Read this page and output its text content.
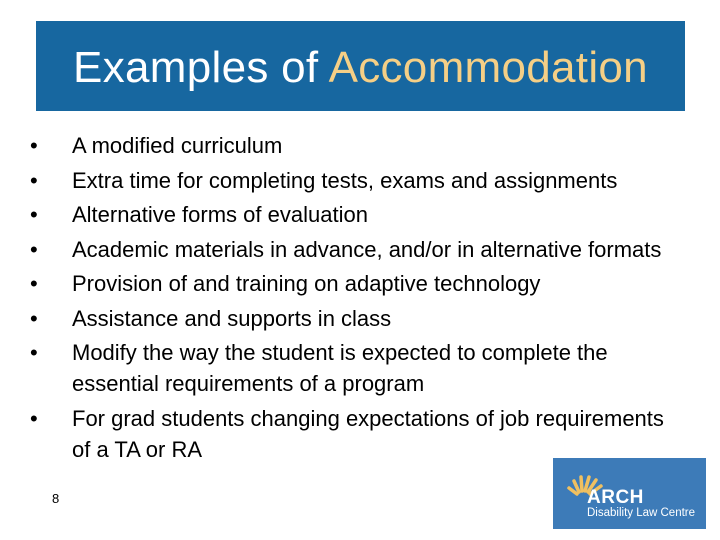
Examples of Accommodation
•	A modified curriculum
•	Extra time for completing tests, exams and assignments
•	Alternative forms of evaluation
•	Academic materials in advance, and/or in alternative formats
•	Provision of and training on adaptive technology
•	Assistance and supports in class
•	Modify the way the student is expected to complete the essential requirements of a program
•	For grad students changing expectations of job requirements of a TA or RA
8	ARCH
Disability Law Centre
